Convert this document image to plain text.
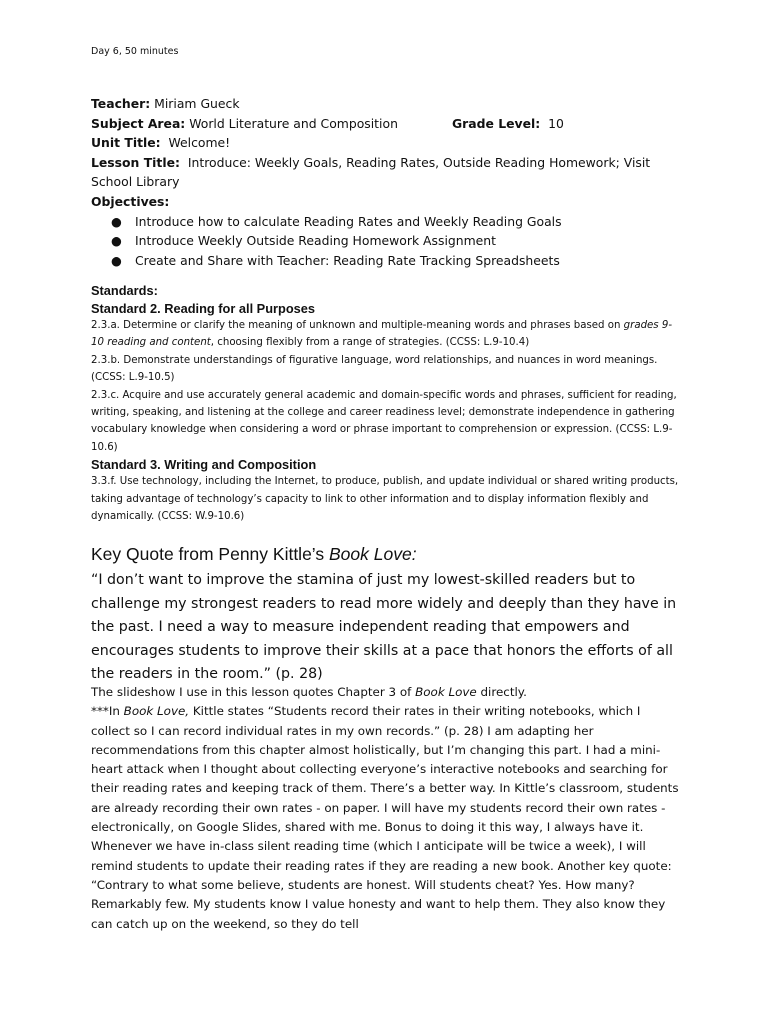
Day 6, 50 minutes
Teacher: Miriam Gueck
Subject Area: World Literature and Composition	Grade Level: 10
Unit Title: Welcome!
Lesson Title: Introduce: Weekly Goals, Reading Rates, Outside Reading Homework; Visit School Library
Objectives:
● Introduce how to calculate Reading Rates and Weekly Reading Goals
● Introduce Weekly Outside Reading Homework Assignment
● Create and Share with Teacher: Reading Rate Tracking Spreadsheets
Standards:
Standard 2. Reading for all Purposes

2.3.a. Determine or clarify the meaning of unknown and multiple-meaning words and phrases based on grades 9-10 reading and content, choosing flexibly from a range of strategies. (CCSS: L.9-10.4)

2.3.b. Demonstrate understandings of figurative language, word relationships, and nuances in word meanings. (CCSS: L.9-10.5)

2.3.c. Acquire and use accurately general academic and domain-specific words and phrases, sufficient for reading, writing, speaking, and listening at the college and career readiness level; demonstrate independence in gathering vocabulary knowledge when considering a word or phrase important to comprehension or expression. (CCSS: L.9-10.6)

Standard 3. Writing and Composition

3.3.f. Use technology, including the Internet, to produce, publish, and update individual or shared writing products, taking advantage of technology’s capacity to link to other information and to display information flexibly and dynamically. (CCSS: W.9-10.6)

Key Quote from Penny Kittle’s Book Love:

“I don’t want to improve the stamina of just my lowest-skilled readers but to challenge my strongest readers to read more widely and deeply than they have in the past. I need a way to measure independent reading that empowers and encourages students to improve their skills at a pace that honors the efforts of all the readers in the room.” (p. 28)

The slideshow I use in this lesson quotes Chapter 3 of Book Love directly.
***In Book Love, Kittle states “Students record their rates in their writing notebooks, which I collect so I can record individual rates in my own records.” (p. 28) I am adapting her recommendations from this chapter almost holistically, but I’m changing this part. I had a mini-heart attack when I thought about collecting everyone’s interactive notebooks and searching for their reading rates and keeping track of them. There’s a better way. In Kittle’s classroom, students are already recording their own rates - on paper. I will have my students record their own rates - electronically, on Google Slides, shared with me. Bonus to doing it this way, I always have it. Whenever we have in-class silent reading time (which I anticipate will be twice a week), I will remind students to update their reading rates if they are reading a new book. Another key quote: “Contrary to what some believe, students are honest. Will students cheat? Yes. How many? Remarkably few. My students know I value honesty and want to help them. They also know they can catch up on the weekend, so they do tell
